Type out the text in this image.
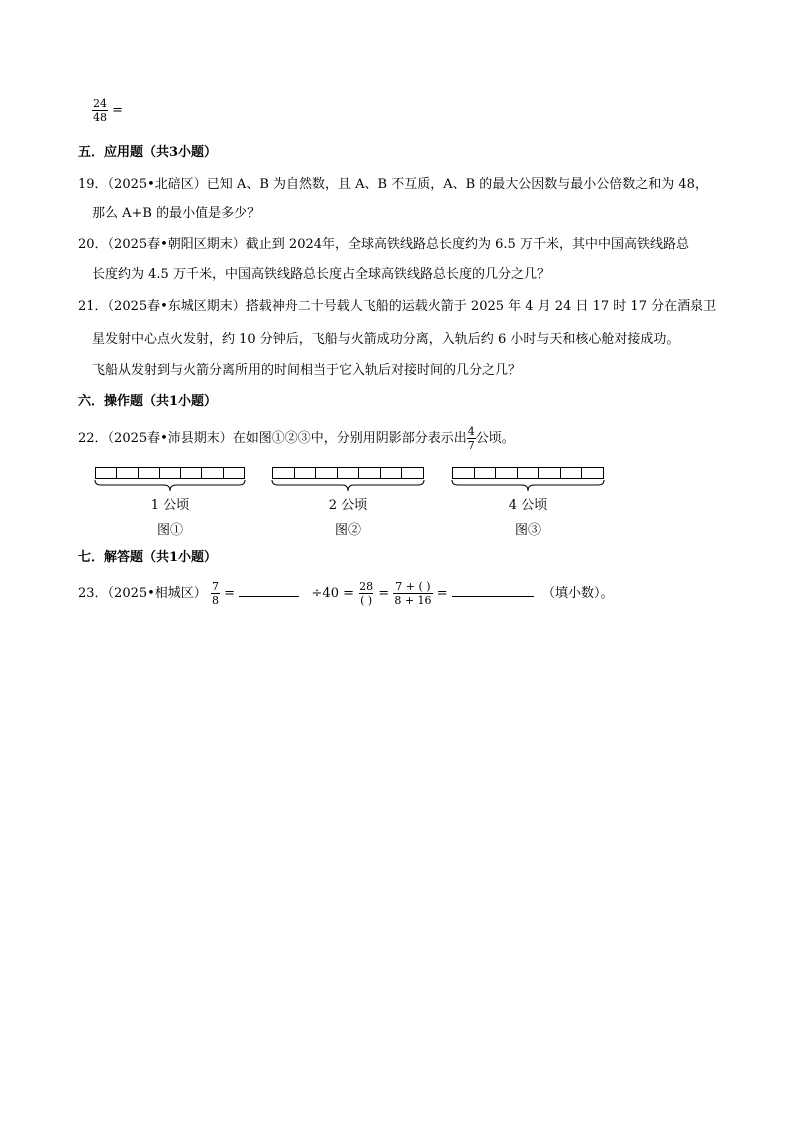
$\frac{24}{48}$ =
五．应用题（共3小题）
19．（2025•北碚区）已知 A、B 为自然数，且 A、B 不互质，A、B 的最大公因数与最小公倍数之和为 48，
那么 A+B 的最小值是多少？
20．（2025春•朝阳区期末）截止到 2024年，全球高铁线路总长度约为 6.5 万千米，其中中国高铁线路总
长度约为 4.5 万千米，中国高铁线路总长度占全球高铁线路总长度的几分之几？
21．（2025春•东城区期末）搭载神舟二十号载人飞船的运载火箭于 2025 年 4 月 24 日 17 时 17 分在酒泉卫
星发射中心点火发射，约 10 分钟后，飞船与火箭成功分离，入轨后约 6 小时与天和核心舱对接成功。
飞船从发射到与火箭分离所用的时间相当于它入轨后对接时间的几分之几？
六．操作题（共1小题）
22．（2025春•沛县期末）在如图①②③中，分别用阴影部分表示出 $\frac{4}{7}$ 公顷。
1 公顷
图①
2 公顷
图②
4 公顷
图③
七．解答题（共1小题）
23．（2025•相城区） $\frac{7}{8}$ =	$\div 40 = \frac{28}{( )} = \frac{7 + ( )}{8 + 16}$ =	（填小数）。
